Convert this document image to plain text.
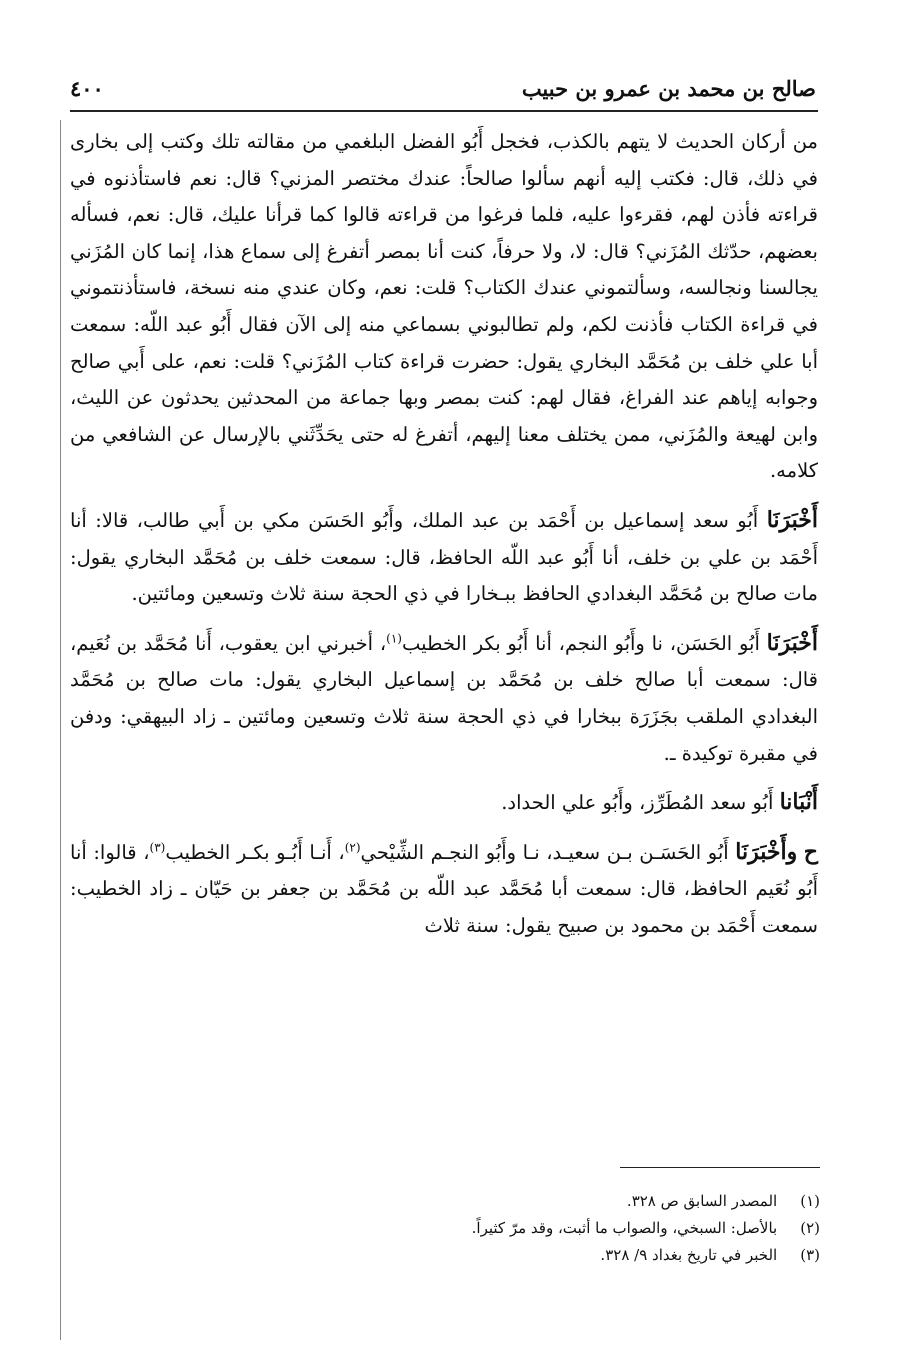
صالح بن محمد بن عمرو بن حبيب
٤٠٠

من أركان الحديث لا يتهم بالكذب، فخجل أَبُو الفضل البلغمي من مقالته تلك وكتب إلى بخارى في ذلك، قال: فكتب إليه أنهم سألوا صالحاً: عندك مختصر المزني؟ قال: نعم فاستأذنوه في قراءته فأذن لهم، فقرءوا عليه، فلما فرغوا من قراءته قالوا كما قرأنا عليك، قال: نعم، فسأله بعضهم، حدّثك المُزَني؟ قال: لا، ولا حرفاً، كنت أنا بمصر أتفرغ إلى سماع هذا، إنما كان المُزَني يجالسنا ونجالسه، وسألتموني عندك الكتاب؟ قلت: نعم، وكان عندي منه نسخة، فاستأذنتموني في قراءة الكتاب فأذنت لكم، ولم تطالبوني بسماعي منه إلى الآن فقال أَبُو عبد اللّه: سمعت أبا علي خلف بن مُحَمَّد البخاري يقول: حضرت قراءة كتاب المُزَني؟ قلت: نعم، على أَبي صالح وجوابه إياهم عند الفراغ، فقال لهم: كنت بمصر وبها جماعة من المحدثين يحدثون عن الليث، وابن لهيعة والمُزَني، ممن يختلف معنا إليهم، أتفرغ له حتى يحَدِّثَني بالإرسال عن الشافعي من كلامه.

أَخْبَرَنَا أَبُو سعد إسماعيل بن أَحْمَد بن عبد الملك، وأَبُو الحَسَن مكي بن أَبي طالب، قالا: أنا أَحْمَد بن علي بن خلف، أنا أَبُو عبد اللّه الحافظ، قال: سمعت خلف بن مُحَمَّد البخاري يقول: مات صالح بن مُحَمَّد البغدادي الحافظ ببـخارا في ذي الحجة سنة ثلاث وتسعين ومائتين.

أَخْبَرَنَا أَبُو الحَسَن، نا وأَبُو النجم، أنا أَبُو بكر الخطيب$^{(١)}$، أخبرني ابن يعقوب، أَنا مُحَمَّد بن نُعَيم، قال: سمعت أبا صالح خلف بن مُحَمَّد بن إسماعيل البخاري يقول: مات صالح بن مُحَمَّد البغدادي الملقب بجَزَرَة ببخارا في ذي الحجة سنة ثلاث وتسعين ومائتين ـ زاد البيهقي: ودفن في مقبرة توكيدة ـ.

أَنْبَانا أَبُو سعد المُطَرِّز، وأَبُو علي الحداد.

ح وأَخْبَرَنَا أَبُو الحَسَـن بـن سعيـد، نـا وأَبُو النجـم الشِّيْحي$^{(٢)}$، أَنـا أَبُـو بكـر الخطيب$^{(٣)}$، قالوا: أنا أَبُو نُعَيم الحافظ، قال: سمعت أبا مُحَمَّد عبد اللّه بن مُحَمَّد بن جعفر بن حَيّان ـ زاد الخطيب: سمعت أَحْمَد بن محمود بن صبيح يقول: سنة ثلاث

(١) المصدر السابق ص ٣٢٨.
(٢) بالأصل: السبخي، والصواب ما أثبت، وقد مرّ كثيراً.
(٣) الخبر في تاريخ بغداد ٩/ ٣٢٨.
